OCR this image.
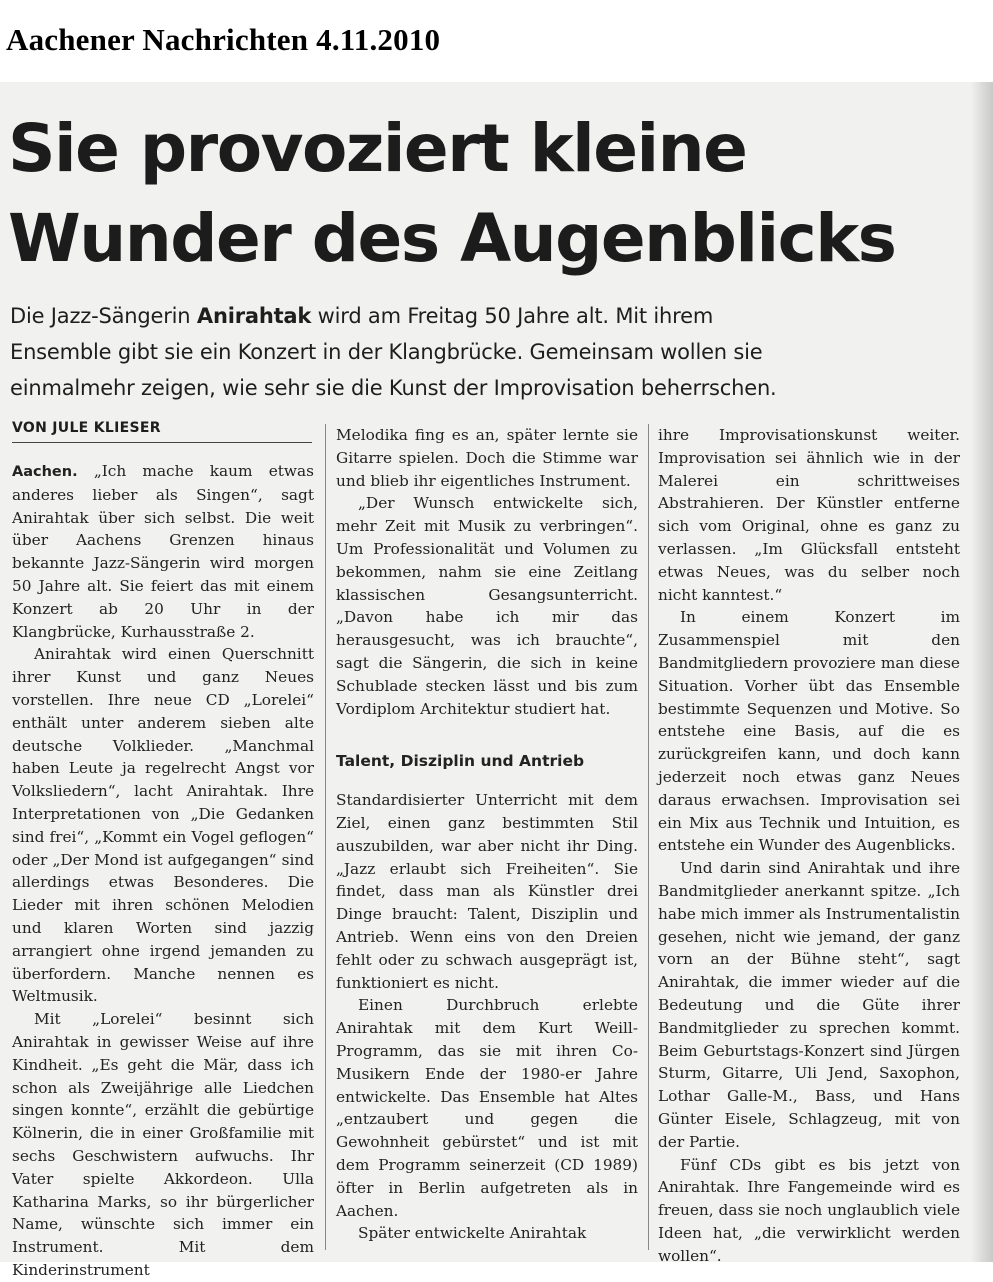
Aachener Nachrichten 4.11.2010
Sie provoziert kleine
Wunder des Augenblicks
Die Jazz-Sängerin Anirahtak wird am Freitag 50 Jahre alt. Mit ihrem
Ensemble gibt sie ein Konzert in der Klangbrücke. Gemeinsam wollen sie
einmalmehr zeigen, wie sehr sie die Kunst der Improvisation beherrschen.
VON JULE KLIESER

Aachen. „Ich mache kaum etwas anderes lieber als Singen“, sagt Anirahtak über sich selbst. Die weit über Aachens Grenzen hinaus bekannte Jazz-Sängerin wird morgen 50 Jahre alt. Sie feiert das mit einem Konzert ab 20 Uhr in der Klangbrücke, Kurhausstraße 2.

Anirahtak wird einen Querschnitt ihrer Kunst und ganz Neues vorstellen. Ihre neue CD „Lorelei“ enthält unter anderem sieben alte deutsche Volklieder. „Manchmal haben Leute ja regelrecht Angst vor Volksliedern“, lacht Anirahtak. Ihre Interpretationen von „Die Gedanken sind frei“, „Kommt ein Vogel geflogen“ oder „Der Mond ist aufgegangen“ sind allerdings etwas Besonderes. Die Lieder mit ihren schönen Melodien und klaren Worten sind jazzig arrangiert ohne irgend jemanden zu überfordern. Manche nennen es Weltmusik.

Mit „Lorelei“ besinnt sich Anirahtak in gewisser Weise auf ihre Kindheit. „Es geht die Mär, dass ich schon als Zweijährige alle Liedchen singen konnte“, erzählt die gebürtige Kölnerin, die in einer Großfamilie mit sechs Geschwistern aufwuchs. Ihr Vater spielte Akkordeon. Ulla Katharina Marks, so ihr bürgerlicher Name, wünschte sich immer ein Instrument. Mit dem Kinderinstrument

Melodika fing es an, später lernte sie Gitarre spielen. Doch die Stimme war und blieb ihr eigentliches Instrument.

„Der Wunsch entwickelte sich, mehr Zeit mit Musik zu verbringen“. Um Professionalität und Volumen zu bekommen, nahm sie eine Zeitlang klassischen Gesangsunterricht. „Davon habe ich mir das herausgesucht, was ich brauchte“, sagt die Sängerin, die sich in keine Schublade stecken lässt und bis zum Vordiplom Architektur studiert hat.

Talent, Disziplin und Antrieb

Standardisierter Unterricht mit dem Ziel, einen ganz bestimmten Stil auszubilden, war aber nicht ihr Ding. „Jazz erlaubt sich Freiheiten“. Sie findet, dass man als Künstler drei Dinge braucht: Talent, Disziplin und Antrieb. Wenn eins von den Dreien fehlt oder zu schwach ausgeprägt ist, funktioniert es nicht.

Einen Durchbruch erlebte Anirahtak mit dem Kurt Weill-Programm, das sie mit ihren Co-Musikern Ende der 1980-er Jahre entwickelte. Das Ensemble hat Altes „entzaubert und gegen die Gewohnheit gebürstet“ und ist mit dem Programm seinerzeit (CD 1989) öfter in Berlin aufgetreten als in Aachen.

Später entwickelte Anirahtak

ihre Improvisationskunst weiter. Improvisation sei ähnlich wie in der Malerei ein schrittweises Abstrahieren. Der Künstler entferne sich vom Original, ohne es ganz zu verlassen. „Im Glücksfall entsteht etwas Neues, was du selber noch nicht kanntest.“

In einem Konzert im Zusammenspiel mit den Bandmitgliedern provoziere man diese Situation. Vorher übt das Ensemble bestimmte Sequenzen und Motive. So entstehe eine Basis, auf die es zurückgreifen kann, und doch kann jederzeit noch etwas ganz Neues daraus erwachsen. Improvisation sei ein Mix aus Technik und Intuition, es entstehe ein Wunder des Augenblicks.

Und darin sind Anirahtak und ihre Bandmitglieder anerkannt spitze. „Ich habe mich immer als Instrumentalistin gesehen, nicht wie jemand, der ganz vorn an der Bühne steht“, sagt Anirahtak, die immer wieder auf die Bedeutung und die Güte ihrer Bandmitglieder zu sprechen kommt. Beim Geburtstags-Konzert sind Jürgen Sturm, Gitarre, Uli Jend, Saxophon, Lothar Galle-M., Bass, und Hans Günter Eisele, Schlagzeug, mit von der Partie.

Fünf CDs gibt es bis jetzt von Anirahtak. Ihre Fangemeinde wird es freuen, dass sie noch unglaublich viele Ideen hat, „die verwirklicht werden wollen“.
